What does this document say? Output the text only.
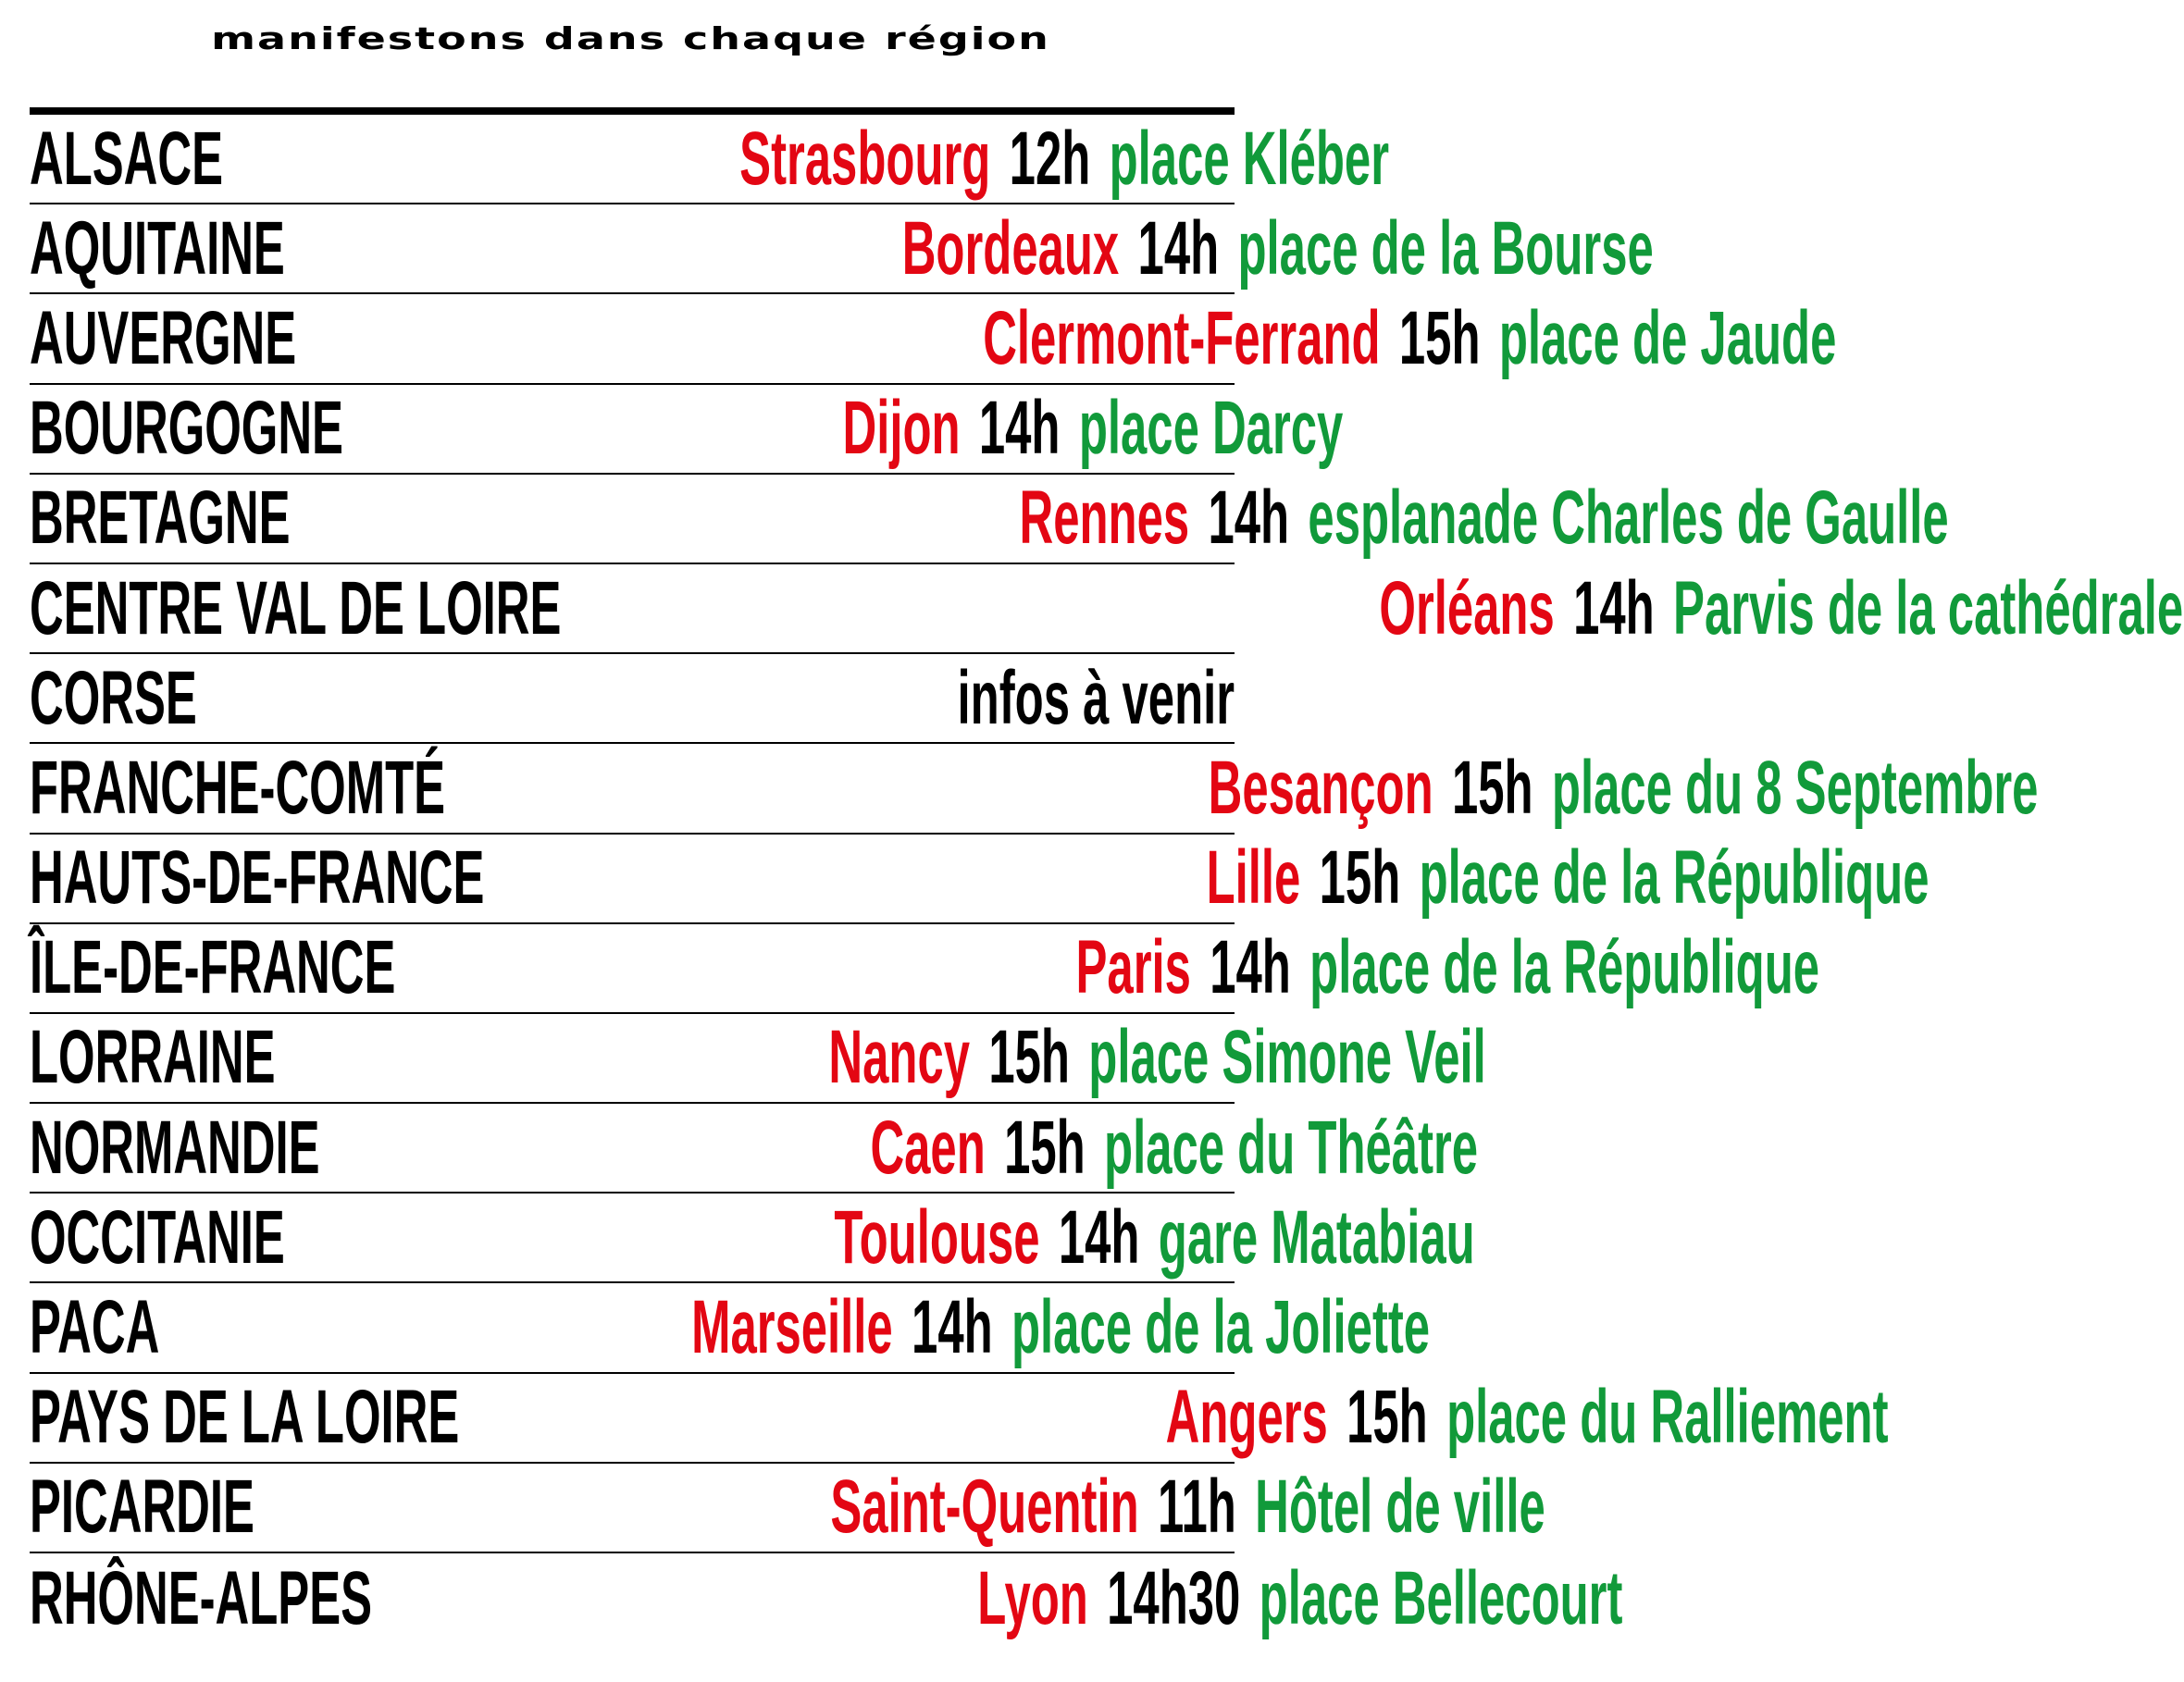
manifestons dans chaque région
ALSACE	Strasbourg 12h place Kléber
AQUITAINE	Bordeaux 14h place de la Bourse
AUVERGNE	Clermont-Ferrand 15h place de Jaude
BOURGOGNE	Dijon 14h place Darcy
BRETAGNE	Rennes 14h esplanade Charles de Gaulle
CENTRE VAL DE LOIRE	Orléans 14h Parvis de la cathédrale
CORSE	infos à venir
FRANCHE-COMTÉ	Besançon 15h place du 8 Septembre
HAUTS-DE-FRANCE	Lille 15h place de la République
ÎLE-DE-FRANCE	Paris 14h place de la République
LORRAINE	Nancy 15h place Simone Veil
NORMANDIE	Caen 15h place du Théâtre
OCCITANIE	Toulouse 14h gare Matabiau
PACA	Marseille 14h place de la Joliette
PAYS DE LA LOIRE	Angers 15h place du Ralliement
PICARDIE	Saint-Quentin 11h Hôtel de ville
RHÔNE-ALPES	Lyon 14h30 place Bellecourt
